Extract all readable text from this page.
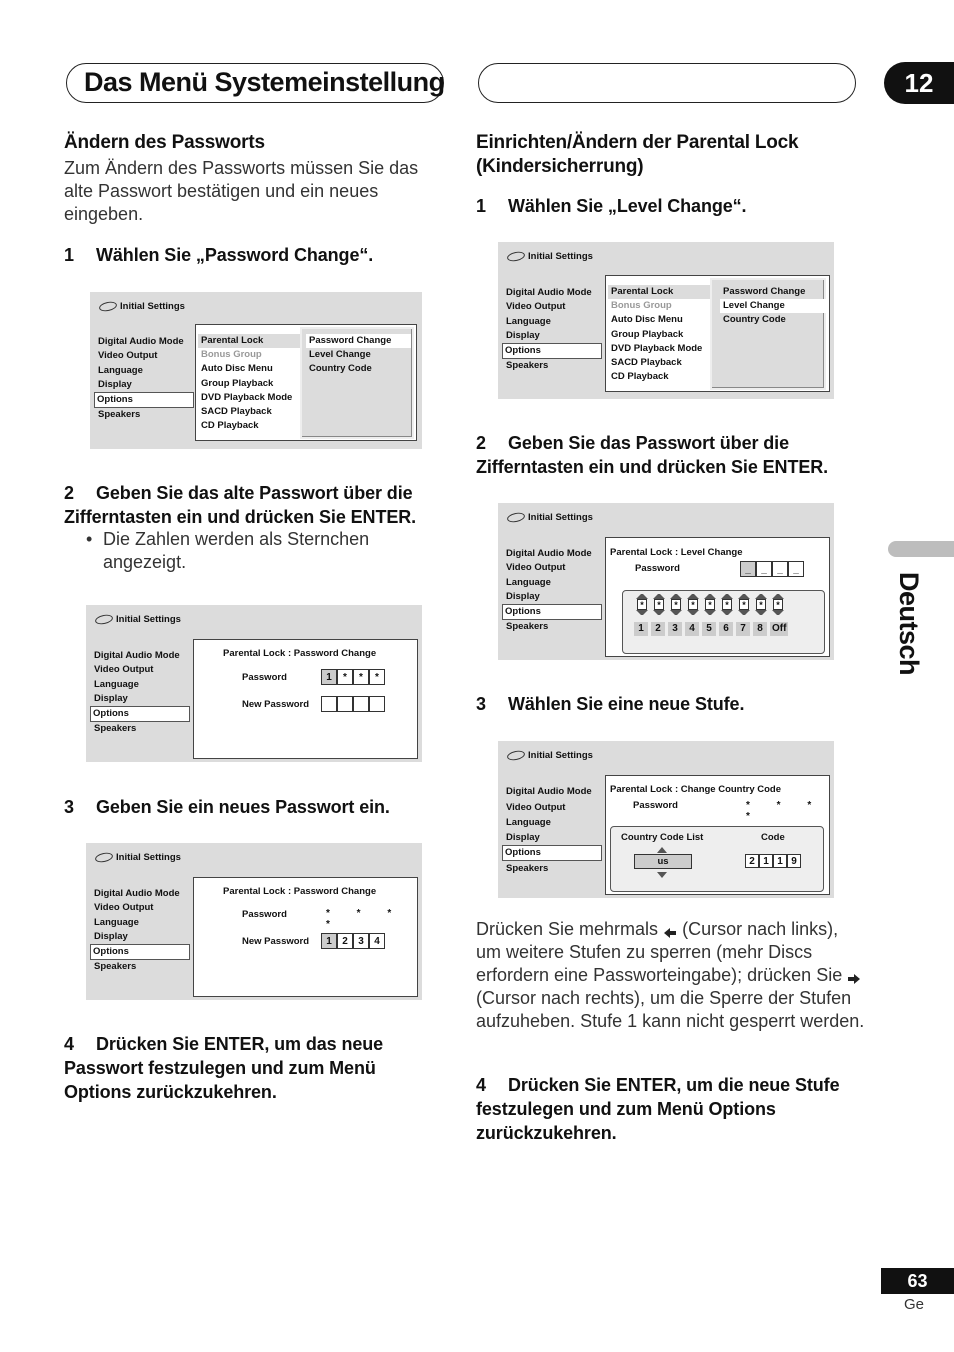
Das Menü Systemeinstellung	12
Deutsch
Ändern des Passworts
Zum Ändern des Passworts müssen Sie das alte Passwort bestätigen und ein neues eingeben.
1 Wählen Sie „Password Change“.
Initial Settings
Digital Audio Mode
Video Output
Language
Display
Options
Speakers
Parental Lock
Bonus Group
Auto Disc Menu
Group Playback
DVD Playback Mode
SACD Playback
CD Playback
Password Change
Level Change
Country Code
2 Geben Sie das alte Passwort über die Zifferntasten ein und drücken Sie ENTER.
• Die Zahlen werden als Sternchen angezeigt.
Initial Settings
Digital Audio Mode
Video Output
Language
Display
Options
Speakers
Parental Lock : Password Change
Password	1	*	*	*
New Password
3 Geben Sie ein neues Passwort ein.
Initial Settings
Digital Audio Mode
Video Output
Language
Display
Options
Speakers
Parental Lock : Password Change
Password	* * * *
New Password	1	2	3	4
4 Drücken Sie ENTER, um das neue Passwort festzulegen und zum Menü Options zurückzukehren.
Einrichten/Ändern der Parental Lock (Kindersicherrung)
1 Wählen Sie „Level Change“.
Initial Settings
Digital Audio Mode
Video Output
Language
Display
Options
Speakers
Parental Lock
Bonus Group
Auto Disc Menu
Group Playback
DVD Playback Mode
SACD Playback
CD Playback
Password Change
Level Change
Country Code
2 Geben Sie das Passwort über die Zifferntasten ein und drücken Sie ENTER.
Initial Settings
Digital Audio Mode
Video Output
Language
Display
Options
Speakers
Parental Lock : Level Change
Password	_	_	_	_
*	*	*	*	*	*	*	*	*
1	2	3	4	5	6	7	8 Off
3 Wählen Sie eine neue Stufe.
Initial Settings
Digital Audio Mode
Video Output
Language
Display
Options
Speakers
Parental Lock : Change Country Code
Password	* * * *
Country Code List	Code
us	2 1 1 9
Drücken Sie mehrmals (Cursor nach links), um weitere Stufen zu sperren (mehr Discs erfordern eine Passworteingabe); drücken Sie  (Cursor nach rechts), um die Sperre der Stufen aufzuheben. Stufe 1 kann nicht gesperrt werden.
4 Drücken Sie ENTER, um die neue Stufe festzulegen und zum Menü Options zurückzukehren.
63
Ge
